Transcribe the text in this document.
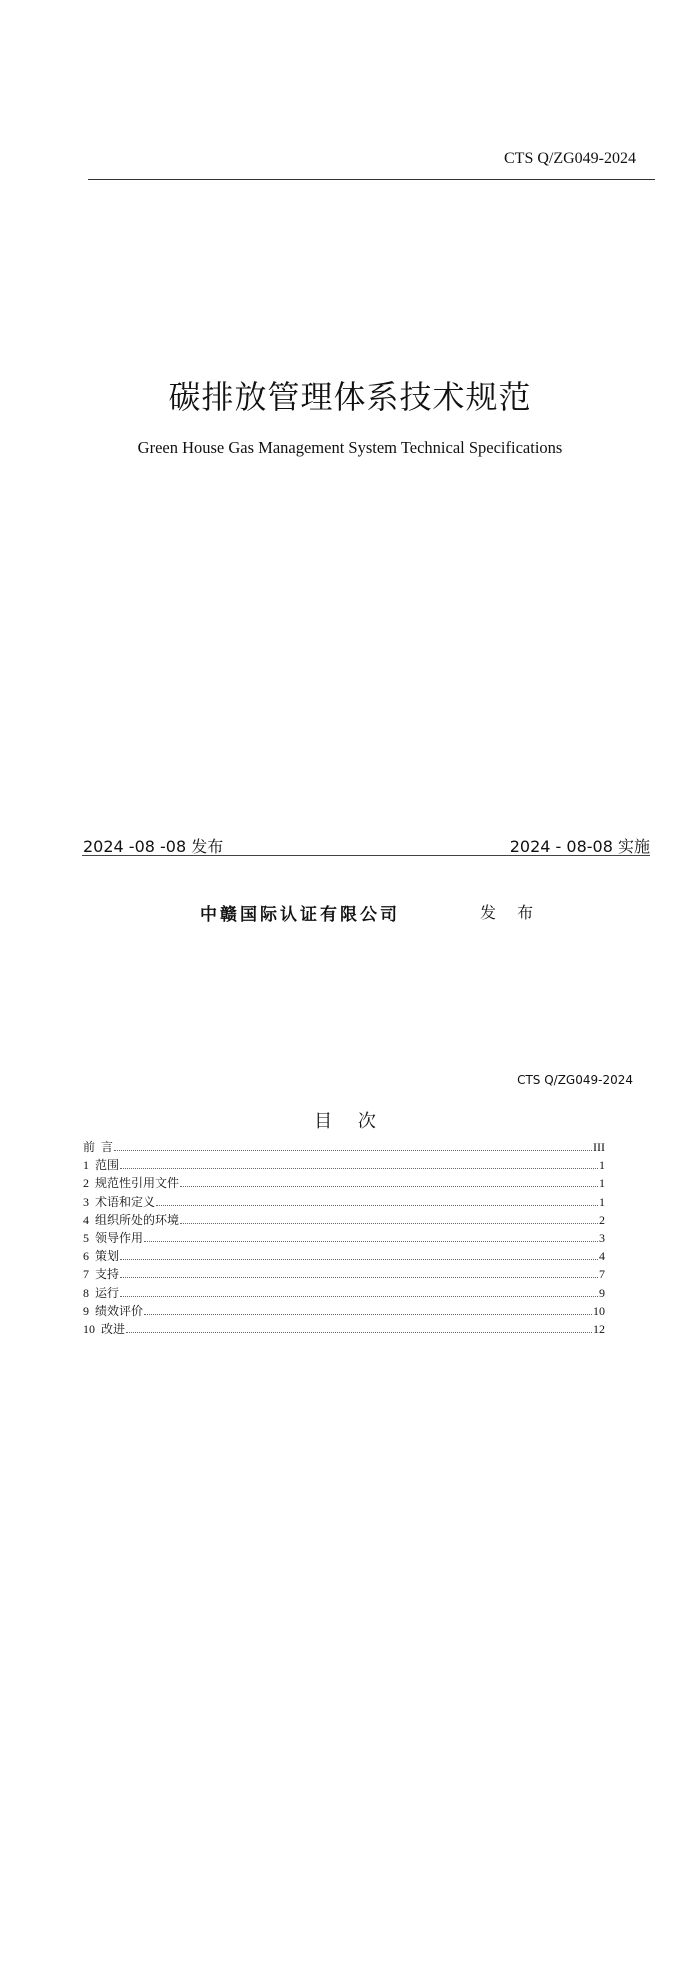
CTS Q/ZG049-2024
碳排放管理体系技术规范
Green House Gas Management System Technical Specifications
2024 -08 -08 发布	2024 - 08-08 实施
中赣国际认证有限公司	发 布
CTS Q/ZG049-2024
目 次
前  言	III
1  范围	1
2  规范性引用文件	1
3  术语和定义	1
4  组织所处的环境	2
5  领导作用	3
6  策划	4
7  支持	7
8  运行	9
9  绩效评价	10
10  改进	12
